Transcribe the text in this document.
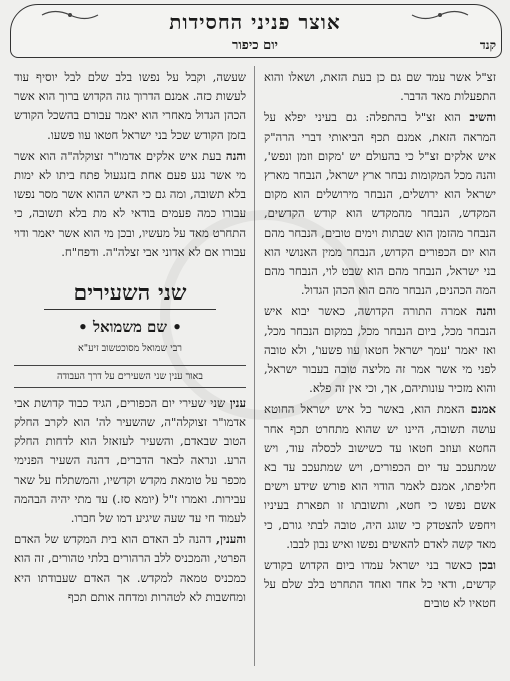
אוצר פניני החסידות
יום כיפור	קנד

זצ"ל אשר עמד שם גם כן בעת הזאת, ושאלו והוא התפעלות מאד הדבר.

והשיב הוא זצ"ל בהתפלה: גם בעיני יפלא על המראה הזאת, אמנם תכף הביאותי דברי הרה"ק איש אלקים זצ"ל כי בהעולם יש 'מקום וזמן ונפש', והנה מכל המקומות נבחר ארץ ישראל, הנבחר מארץ ישראל הוא ירושלים, הנבחר מירושלים הוא מקום המקדש, הנבחר מהמקדש הוא קודש הקדשים, הנבחר מהזמן הוא שבתות וימים טובים, הנבחר מהם הוא יום הכפורים הקדוש, הנבחר ממין האנושי הוא בני ישראל, הנבחר מהם הוא שבט לוי, הנבחר מהם המה הכהנים, הנבחר מהם הוא הכהן הגדול.

והנה אמרה התורה הקדושה, כאשר יבוא איש הנבחר מכל, ביום הנבחר מכל, במקום הנבחר מכל, ואז יאמר 'עמך ישראל חטאו עוו פשעו', ולא טובה לפני מי אשר אמר זה מליצה טובה בעבור ישראל, והוא מזכיר עונותיהם, אך, וכי אין זה פלא.

אמנם האמת הוא, באשר כל איש ישראל החוטא עושה תשובה, היינו יש שהוא מתחרט תכף אחר החטא ועוזב חטאו עד כשישוב לכסלה עוד, ויש שמתעכב עד יום הכפורים, ויש שמתעכב עד בא חליפתו, אמנם לאמר הודוי הוא פורש שידע וישים אשם נפשו כי חטא, ותשובתו זו תפארת בעיניו ויחפש להצטדק כי שוגג היה, טובה לבתי גורם, כי מאד קשה לאדם להאשים נפשו ואיש נבון לבבו.

ובכן כאשר בני ישראל עמדו ביום הקדוש בקודש קדשים, ודאי כל אחד ואחד התחרט בלב שלם על חטאיו לא טובים

שעשה, וקבל על נפשו בלב שלם לבל יוסיף עוד לעשות כזה. אמנם הדרוך גזה הקדוש ברוך הוא אשר הכהן הגדול מאחרי הוא יאמר עבורם בהשכל הקודש בזמן הקודש שכל בני ישראל חטאו עוו פשעו.

והנה בעת איש אלקים אדמו"ר זצוקלה"ה הוא אשר מי אשר נגע פעם אחת בזנגעול פתח ביתו לא ימות בלא תשובה, ומה גם כי האיש ההוא אשר מסר נפשו עבורו כמה פעמים בודאי לא מת בלא תשובה, כי התחרט מאד על מעשיו, ובכן מי הוא אשר יאמר ודוי עבורו אם לא אדוני אבי זצלה"ה. ודפח"ח.

שני השעירים
• שם משמואל •
רבי שמואל מסוכטשוב זיע"א
באור ענין שני השעירים על דרך העבודה

ענין שני שעירי יום הכפורים, הגיד כבוד קדושת אבי אדמו"ר זצוקלה"ה, שהשעיר לה' הוא לקרב החלק הטוב שבאדם, והשעיר לעזאזל הוא לדחות החלק הרע. ונראה לבאר הדברים, דהנה השעיר הפנימי מכפר על טומאת מקדש וקדשיו, והמשתלח על שאר עבירות. ואמרו ז"ל (יומא סז.) עד מתי יהיה הבהמה לעמוד חי עד שעה שיגיע דמו של חברו.

והענין, דהנה לב האדם הוא בית המקדש של האדם הפרטי, והמכניס ללב הרהורים בלתי טהורים, זה הוא כמכניס טמאה למקדש. אך האדם שעבודתו היא ומחשבות לא לטהרות ומדחה אותם תכף
